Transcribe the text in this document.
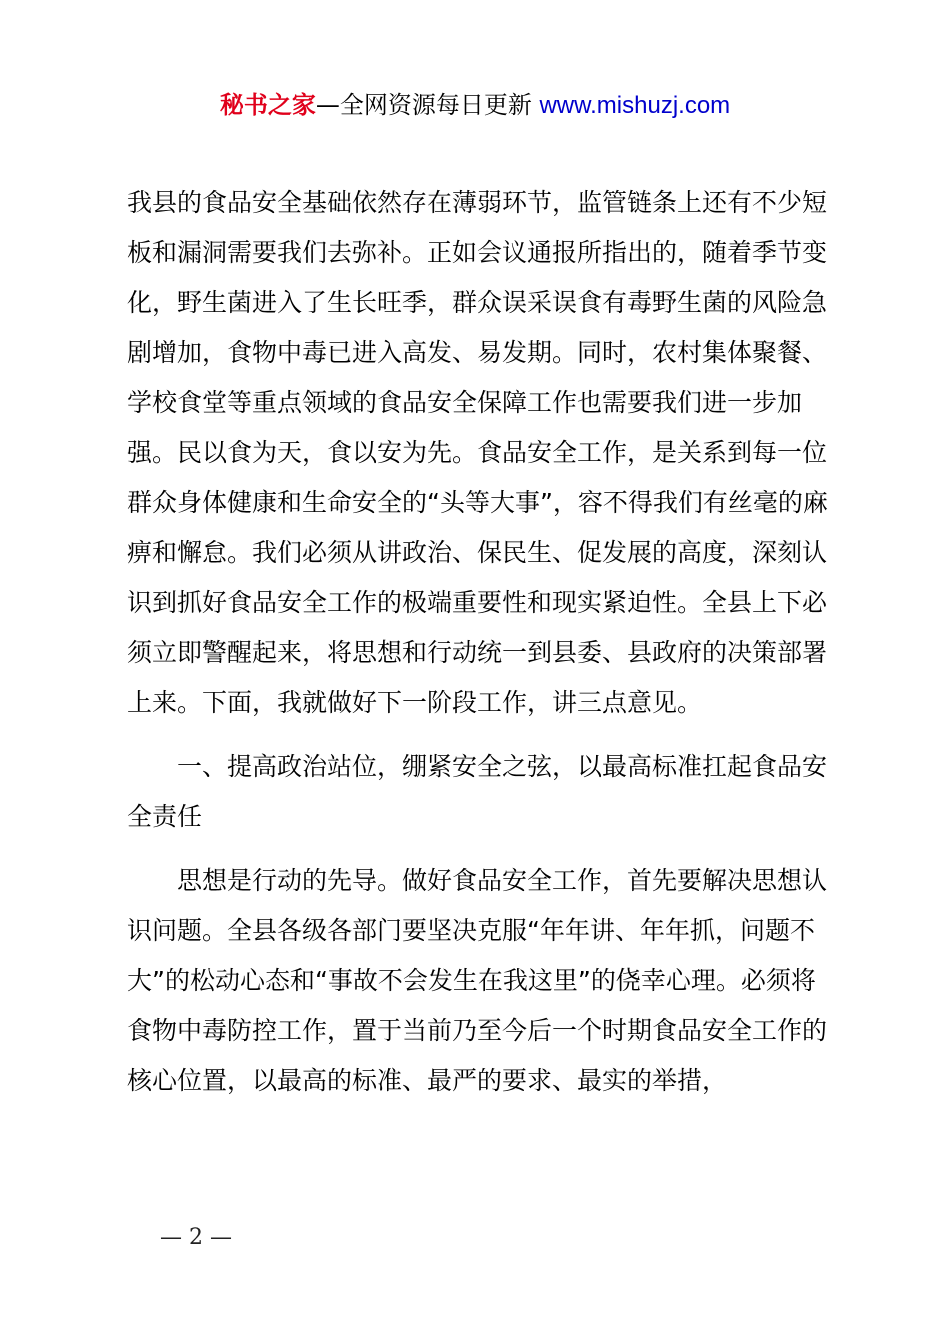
秘书之家—全网资源每日更新 www.mishuzj.com

我县的食品安全基础依然存在薄弱环节，监管链条上还有不少短板和漏洞需要我们去弥补。正如会议通报所指出的，随着季节变化，野生菌进入了生长旺季，群众误采误食有毒野生菌的风险急剧增加，食物中毒已进入高发、易发期。同时，农村集体聚餐、学校食堂等重点领域的食品安全保障工作也需要我们进一步加强。民以食为天，食以安为先。食品安全工作，是关系到每一位群众身体健康和生命安全的“头等大事”，容不得我们有丝毫的麻痹和懈怠。我们必须从讲政治、保民生、促发展的高度，深刻认识到抓好食品安全工作的极端重要性和现实紧迫性。全县上下必须立即警醒起来，将思想和行动统一到县委、县政府的决策部署上来。下面，我就做好下一阶段工作，讲三点意见。

一、提高政治站位，绷紧安全之弦，以最高标准扛起食品安全责任

思想是行动的先导。做好食品安全工作，首先要解决思想认识问题。全县各级各部门要坚决克服“年年讲、年年抓，问题不大”的松动心态和“事故不会发生在我这里”的侥幸心理。必须将食物中毒防控工作，置于当前乃至今后一个时期食品安全工作的核心位置，以最高的标准、最严的要求、最实的举措，

— 2 —
